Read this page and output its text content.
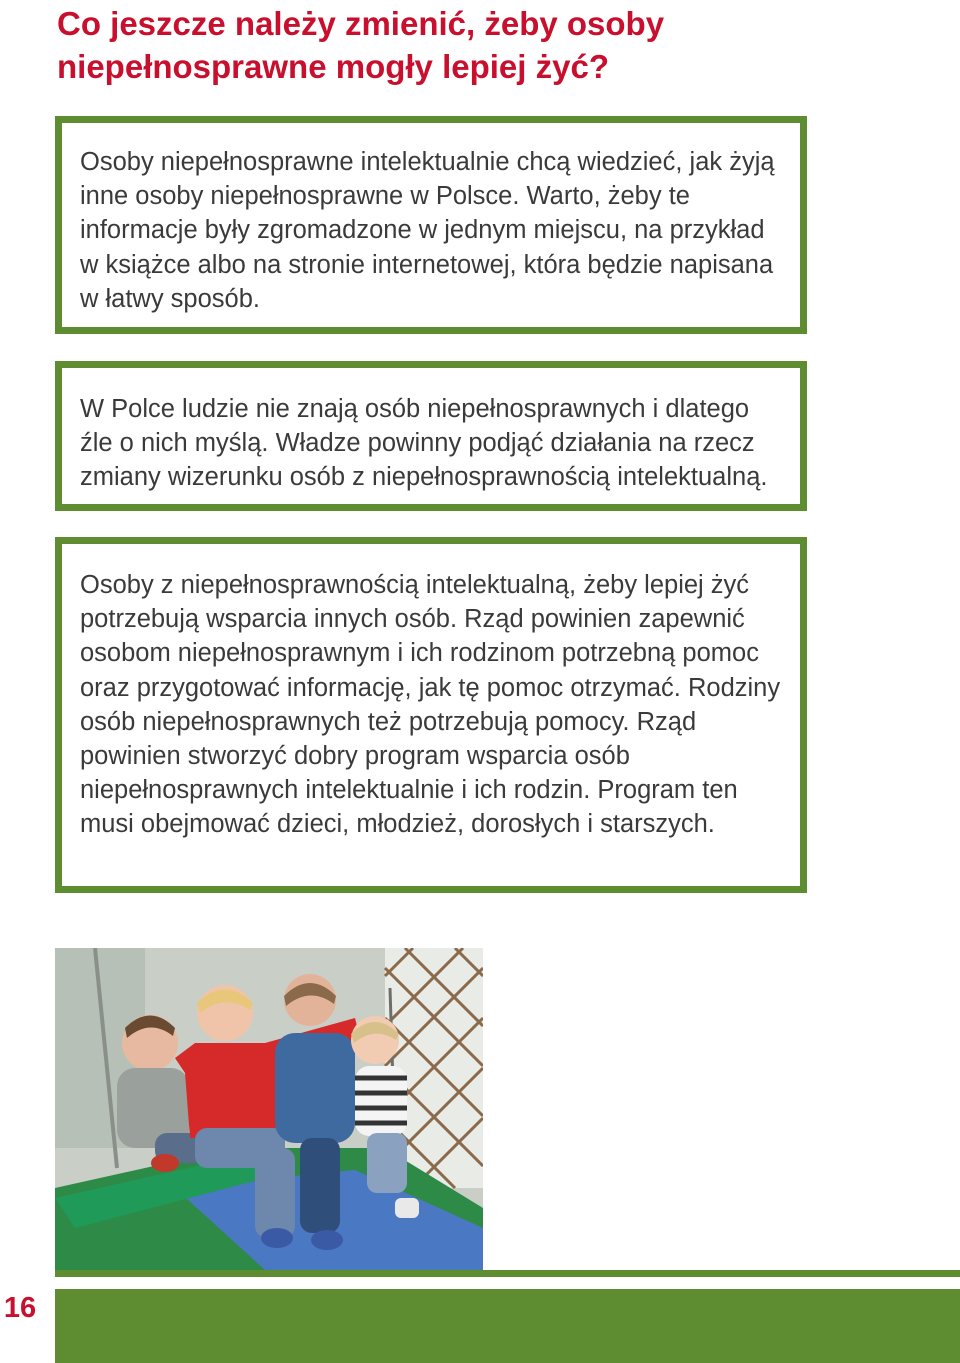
Co jeszcze należy zmienić, żeby osoby niepełnosprawne mogły lepiej żyć?

Osoby niepełnosprawne intelektualnie chcą wiedzieć, jak żyją inne osoby niepełnosprawne w Polsce. Warto, żeby te informacje były zgromadzone w jednym miejscu, na przykład w książce albo na stronie internetowej, która będzie napisana w łatwy sposób.

W Polce ludzie nie znają osób niepełnosprawnych i dlatego źle o nich myślą. Władze powinny podjąć działania na rzecz zmiany wizerunku osób z niepełnosprawnością intelektualną.

Osoby z niepełnosprawnością intelektualną, żeby lepiej żyć potrzebują wsparcia innych osób. Rząd powinien zapewnić osobom niepełnosprawnym i ich rodzinom potrzebną pomoc oraz przygotować informację, jak tę pomoc otrzymać. Rodziny osób niepełnosprawnych też potrzebują pomocy. Rząd powinien stworzyć dobry program wsparcia osób niepełnosprawnych intelektualnie i ich rodzin. Program ten musi obejmować dzieci, młodzież, dorosłych i starszych.

16
